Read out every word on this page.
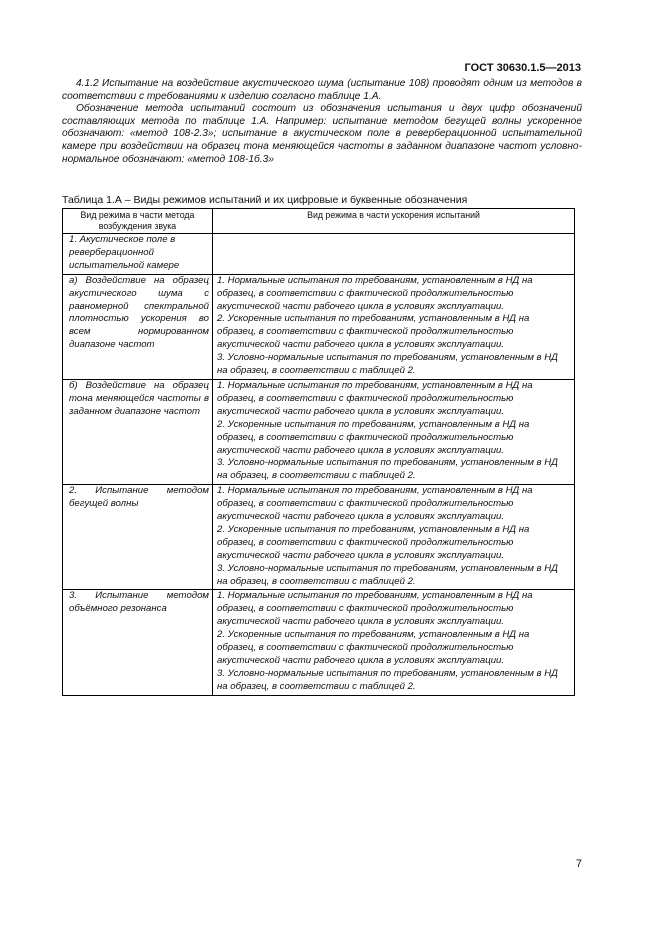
ГОСТ 30630.1.5—2013

4.1.2 Испытание на воздействие акустического шума (испытание 108) проводят одним из методов в соответствии с требованиями к изделию согласно таблице 1.А.

Обозначение метода испытаний состоит из обозначения испытания и двух цифр обозначений составляющих метода по таблице 1.А. Например: испытание методом бегущей волны ускоренное обозначают: «метод 108-2.3»; испытание в акустическом поле в реверберационной испытательной камере при воздействии на образец тона меняющейся частоты в заданном диапазоне частот условно-нормальное обозначают: «метод 108-1б.3»

Таблица 1.А – Виды режимов испытаний и их цифровые и буквенные обозначения
Вид режима в части метода возбуждения звука	Вид режима в части ускорения испытаний
1. Акустическое поле в реверберационной испытательной камере	
а) Воздействие на образец акустического шума с равномерной спектральной плотностью ускорения во всем нормированном диапазоне частот	1. Нормальные испытания по требованиям, установленным в НД на образец, в соответствии с фактической продолжительностью акустической части рабочего цикла в условиях эксплуатации.
2. Ускоренные испытания по требованиям, установленным в НД на образец, в соответствии с фактической продолжительностью акустической части рабочего цикла в условиях эксплуатации.
3. Условно-нормальные испытания по требованиям, установленным в НД на образец, в соответствии с таблицей 2.

б) Воздействие на образец тона меняющейся частоты в заданном диапазоне частот	1. Нормальные испытания по требованиям, установленным в НД на образец, в соответствии с фактической продолжительностью акустической части рабочего цикла в условиях эксплуатации.
2. Ускоренные испытания по требованиям, установленным в НД на образец, в соответствии с фактической продолжительностью акустической части рабочего цикла в условиях эксплуатации.
3. Условно-нормальные испытания по требованиям, установленным в НД на образец, в соответствии с таблицей 2.

2. Испытание методом бегущей волны	1. Нормальные испытания по требованиям, установленным в НД на образец, в соответствии с фактической продолжительностью акустической части рабочего цикла в условиях эксплуатации.
2. Ускоренные испытания по требованиям, установленным в НД на образец, в соответствии с фактической продолжительностью акустической части рабочего цикла в условиях эксплуатации.
3. Условно-нормальные испытания по требованиям, установленным в НД на образец, в соответствии с таблицей 2.

3. Испытание методом объёмного резонанса	1. Нормальные испытания по требованиям, установленным в НД на образец, в соответствии с фактической продолжительностью акустической части рабочего цикла в условиях эксплуатации.
2. Ускоренные испытания по требованиям, установленным в НД на образец, в соответствии с фактической продолжительностью акустической части рабочего цикла в условиях эксплуатации.
3. Условно-нормальные испытания по требованиям, установленным в НД на образец, в соответствии с таблицей 2.
7
